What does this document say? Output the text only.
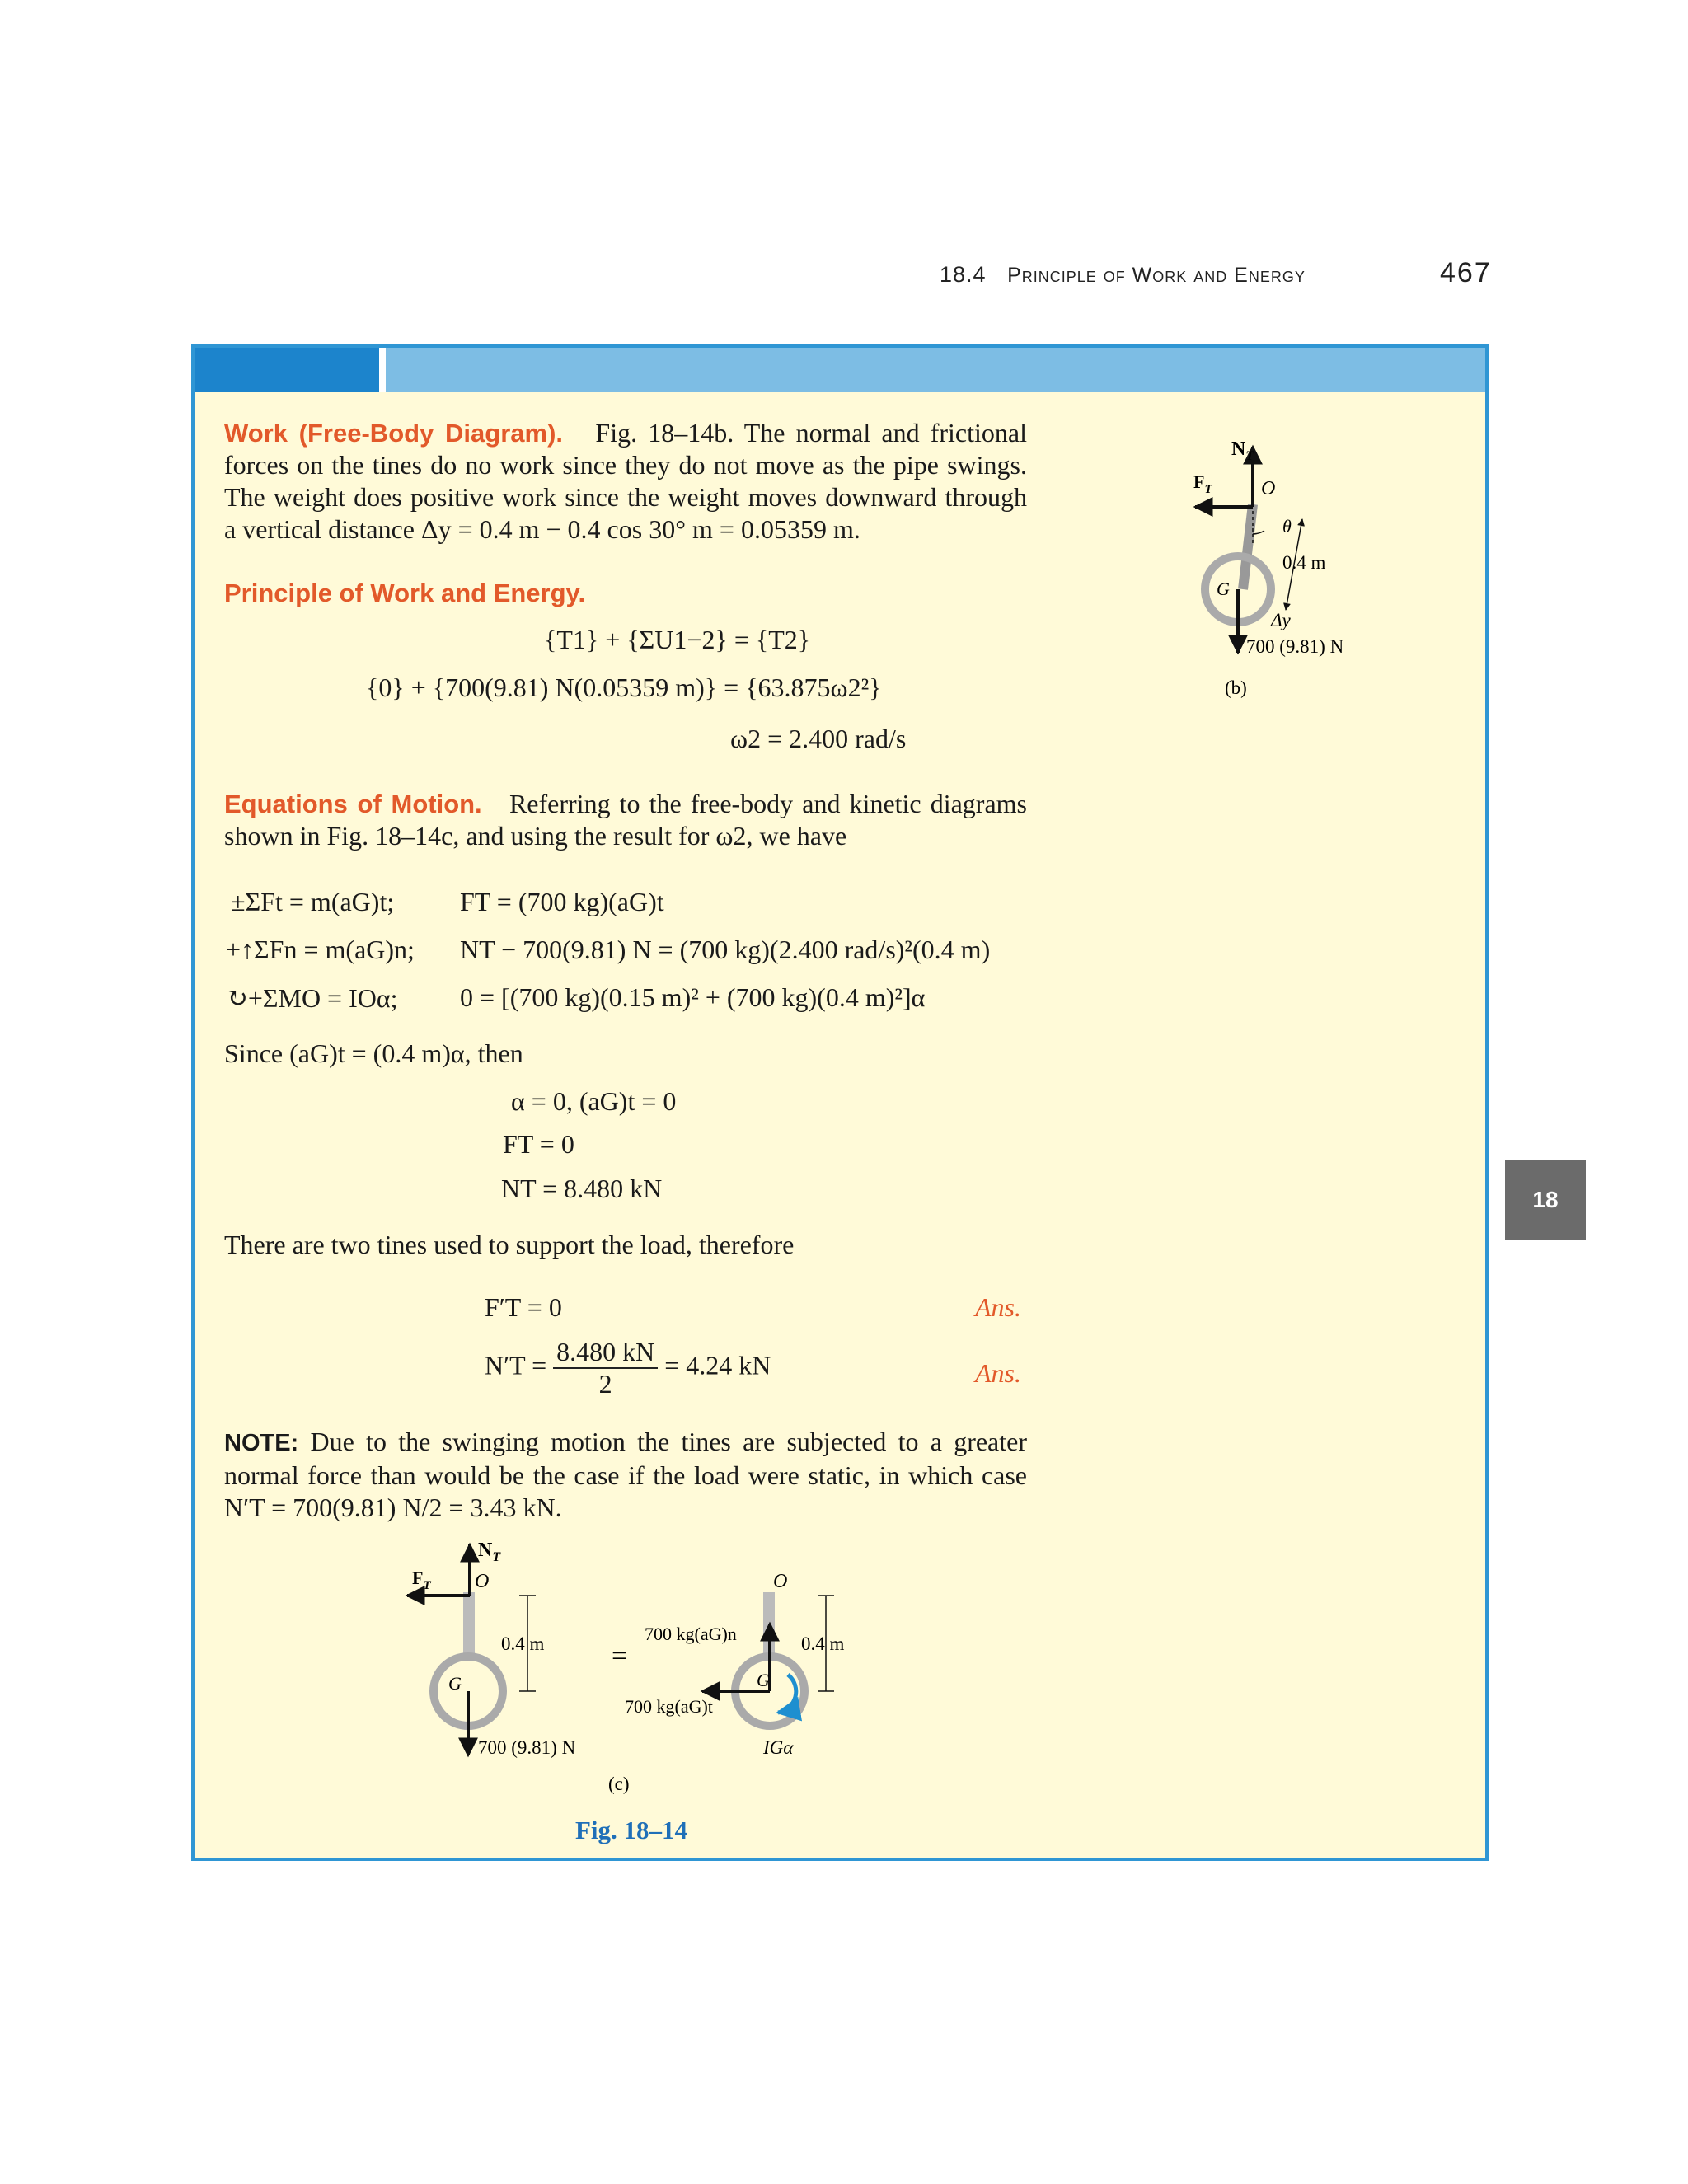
18.4 Principle of Work and Energy	467
Work (Free-Body Diagram). Fig. 18–14b. The normal and frictional forces on the tines do no work since they do not move as the pipe swings. The weight does positive work since the weight moves downward through a vertical distance Δy = 0.4 m − 0.4 cos 30° m = 0.05359 m.
Principle of Work and Energy.
{T1} + {ΣU1−2} = {T2}
{0} + {700(9.81) N(0.05359 m)} = {63.875ω2²}
ω2 = 2.400 rad/s
Equations of Motion. Referring to the free-body and kinetic diagrams shown in Fig. 18–14c, and using the result for ω2, we have
±ΣFt = m(aG)t; FT = (700 kg)(aG)t
+↑ΣFn = m(aG)n; NT − 700(9.81) N = (700 kg)(2.400 rad/s)²(0.4 m)
↻+ΣMO = IOα; 0 = [(700 kg)(0.15 m)² + (700 kg)(0.4 m)²]α
Since (aG)t = (0.4 m)α, then
α = 0, (aG)t = 0
FT = 0
NT = 8.480 kN
There are two tines used to support the load, therefore
F′T = 0	Ans.
$N'T = \frac{8.480 kN}{2} = 4.24$ kN	Ans.
NOTE: Due to the swinging motion the tines are subjected to a greater normal force than would be the case if the load were static, in which case N′T = 700(9.81) N/2 = 3.43 kN.
$N_T$
$F_T$ O
θ
0.4 m
G
Δy
700 (9.81) N
(b)
$N_T$
$F_T$ O
0.4 m
G
700 (9.81) N
=
O
700 kg(aG)n	0.4 m
G
700 kg(aG)t
IGα
(c)
Fig. 18–14
18
